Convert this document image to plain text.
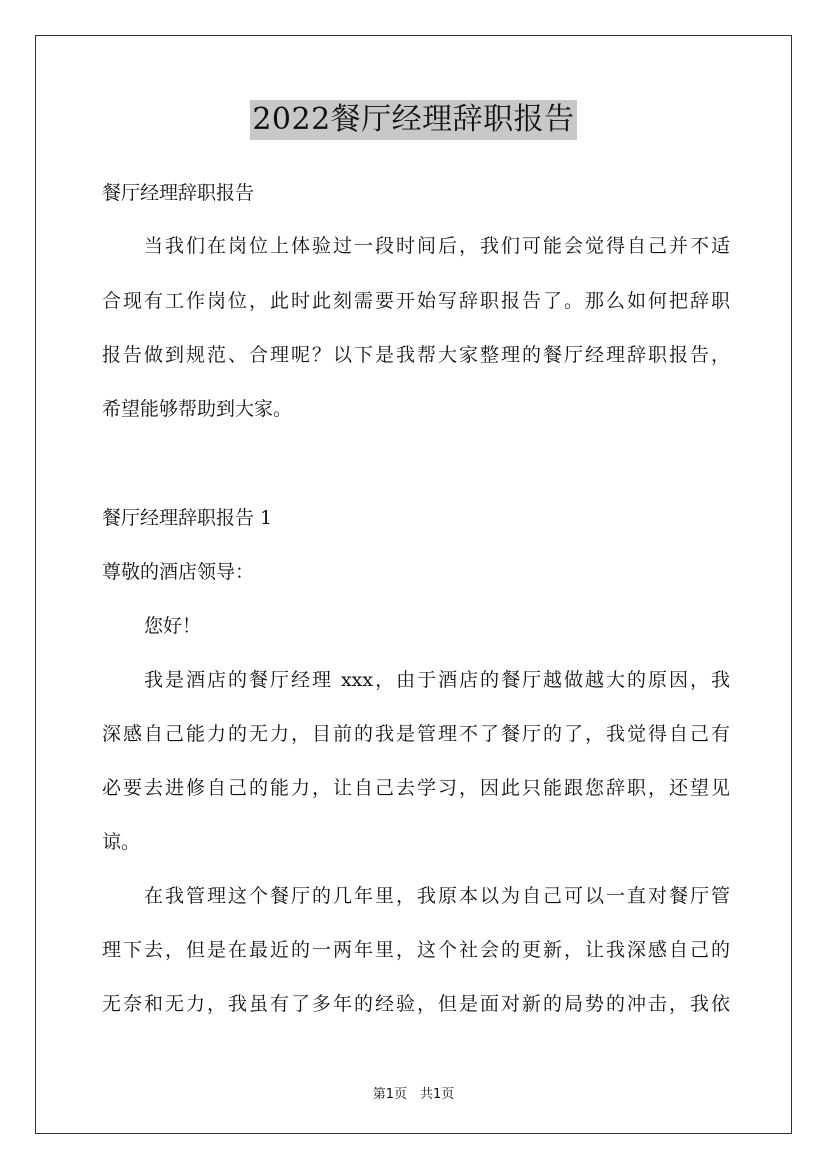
2022餐厅经理辞职报告
餐厅经理辞职报告
当我们在岗位上体验过一段时间后，我们可能会觉得自己并不适
合现有工作岗位，此时此刻需要开始写辞职报告了。那么如何把辞职
报告做到规范、合理呢？以下是我帮大家整理的餐厅经理辞职报告，
希望能够帮助到大家。
餐厅经理辞职报告 1
尊敬的酒店领导：
您好！
我是酒店的餐厅经理 xxx，由于酒店的餐厅越做越大的原因，我
深感自己能力的无力，目前的我是管理不了餐厅的了，我觉得自己有
必要去进修自己的能力，让自己去学习，因此只能跟您辞职，还望见
谅。
在我管理这个餐厅的几年里，我原本以为自己可以一直对餐厅管
理下去，但是在最近的一两年里，这个社会的更新，让我深感自己的
无奈和无力，我虽有了多年的经验，但是面对新的局势的冲击，我依
第1页　共1页
